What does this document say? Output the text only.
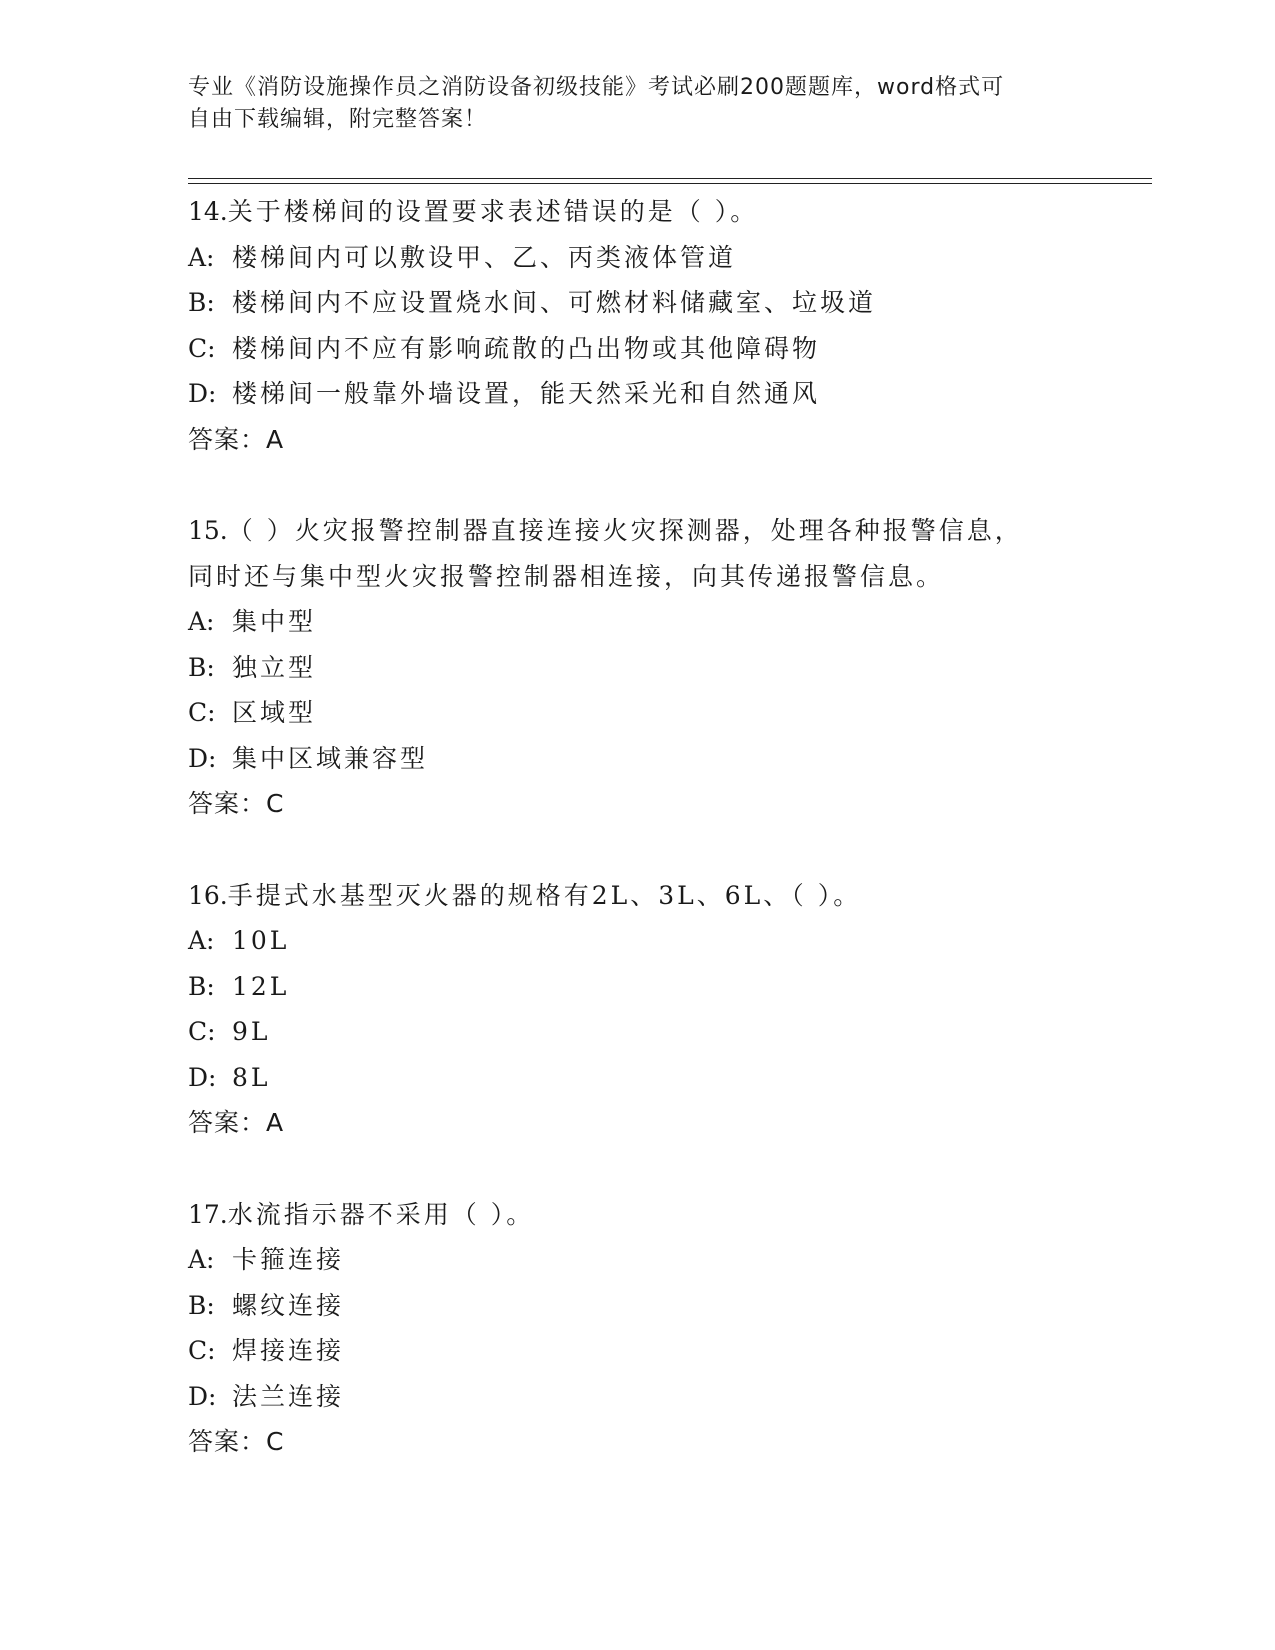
专业《消防设施操作员之消防设备初级技能》考试必刷200题题库，word格式可
自由下载编辑，附完整答案！
14.关于楼梯间的设置要求表述错误的是（ ）。
A: 楼梯间内可以敷设甲、乙、丙类液体管道
B: 楼梯间内不应设置烧水间、可燃材料储藏室、垃圾道
C: 楼梯间内不应有影响疏散的凸出物或其他障碍物
D: 楼梯间一般靠外墙设置，能天然采光和自然通风
答案：A
15.（ ）火灾报警控制器直接连接火灾探测器，处理各种报警信息，
同时还与集中型火灾报警控制器相连接，向其传递报警信息。
A: 集中型
B: 独立型
C: 区域型
D: 集中区域兼容型
答案：C
16.手提式水基型灭火器的规格有2L、3L、6L、（ ）。
A: 10L
B: 12L
C: 9L
D: 8L
答案：A
17.水流指示器不采用（ ）。
A: 卡箍连接
B: 螺纹连接
C: 焊接连接
D: 法兰连接
答案：C
